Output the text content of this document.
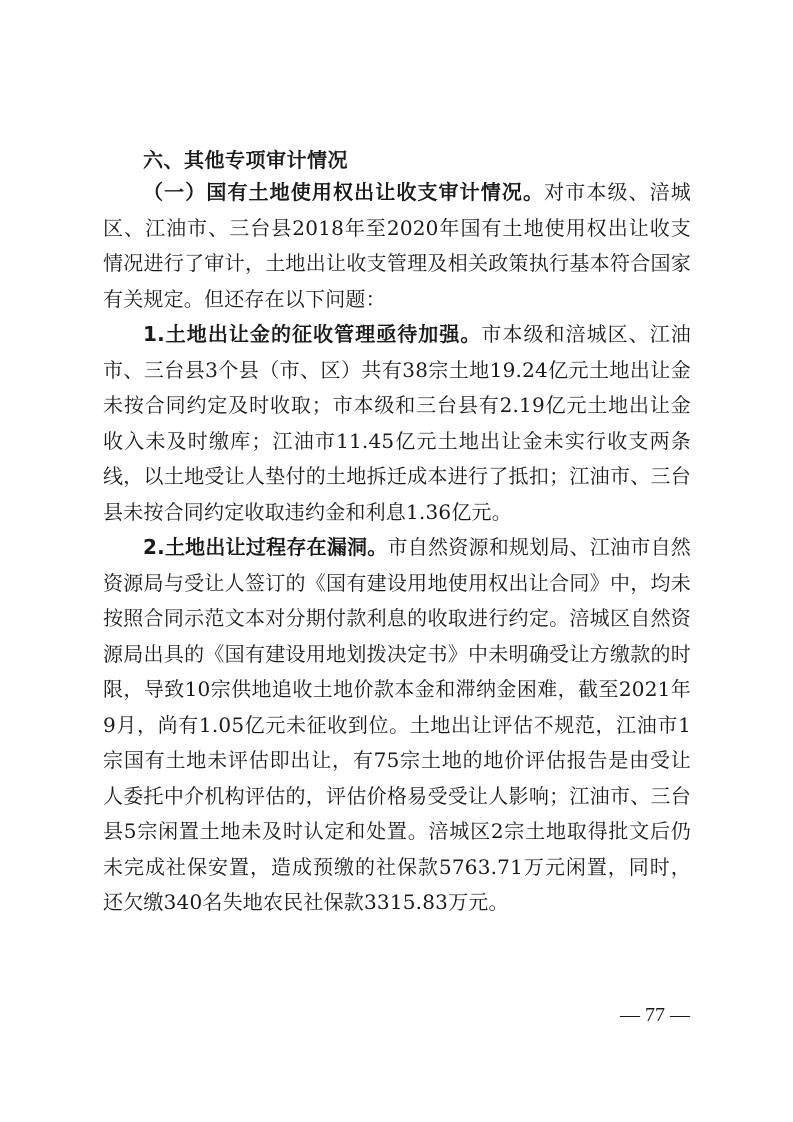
六、其他专项审计情况

（一）国有土地使用权出让收支审计情况。对市本级、涪城区、江油市、三台县2018年至2020年国有土地使用权出让收支情况进行了审计，土地出让收支管理及相关政策执行基本符合国家有关规定。但还存在以下问题：

1.土地出让金的征收管理亟待加强。市本级和涪城区、江油市、三台县3个县（市、区）共有38宗土地19.24亿元土地出让金未按合同约定及时收取；市本级和三台县有2.19亿元土地出让金收入未及时缴库；江油市11.45亿元土地出让金未实行收支两条线，以土地受让人垫付的土地拆迁成本进行了抵扣；江油市、三台县未按合同约定收取违约金和利息1.36亿元。

2.土地出让过程存在漏洞。市自然资源和规划局、江油市自然资源局与受让人签订的《国有建设用地使用权出让合同》中，均未按照合同示范文本对分期付款利息的收取进行约定。涪城区自然资源局出具的《国有建设用地划拨决定书》中未明确受让方缴款的时限，导致10宗供地追收土地价款本金和滞纳金困难，截至2021年9月，尚有1.05亿元未征收到位。土地出让评估不规范，江油市1宗国有土地未评估即出让，有75宗土地的地价评估报告是由受让人委托中介机构评估的，评估价格易受受让人影响；江油市、三台县5宗闲置土地未及时认定和处置。涪城区2宗土地取得批文后仍未完成社保安置，造成预缴的社保款5763.71万元闲置，同时，还欠缴340名失地农民社保款3315.83万元。

— 77 —
